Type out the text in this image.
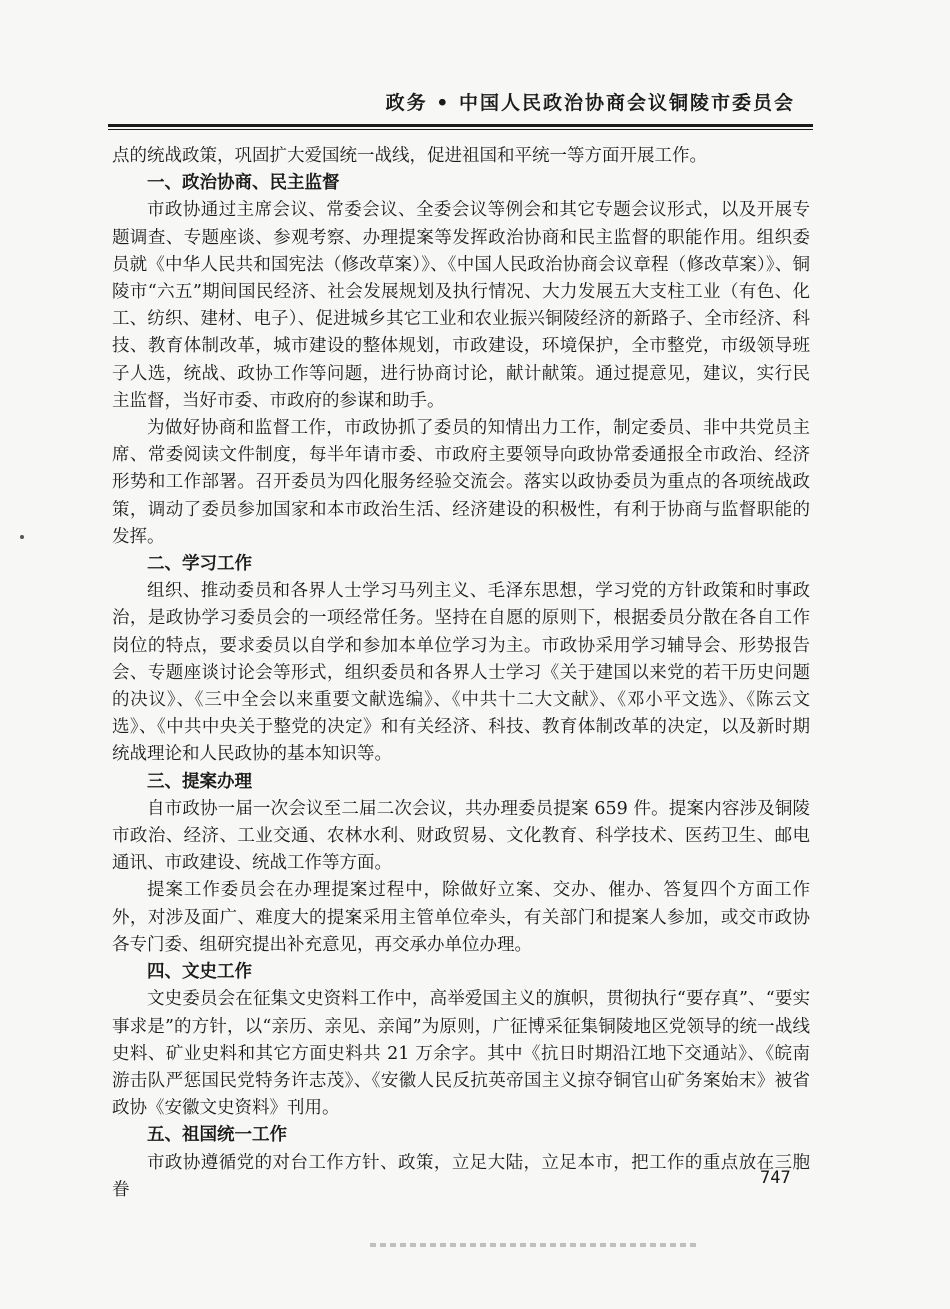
政务 • 中国人民政治协商会议铜陵市委员会

点的统战政策，巩固扩大爱国统一战线，促进祖国和平统一等方面开展工作。

一、政治协商、民主监督

市政协通过主席会议、常委会议、全委会议等例会和其它专题会议形式，以及开展专题调查、专题座谈、参观考察、办理提案等发挥政治协商和民主监督的职能作用。组织委员就《中华人民共和国宪法（修改草案）》、《中国人民政治协商会议章程（修改草案）》、铜陵市“六五”期间国民经济、社会发展规划及执行情况、大力发展五大支柱工业（有色、化工、纺织、建材、电子）、促进城乡其它工业和农业振兴铜陵经济的新路子、全市经济、科技、教育体制改革，城市建设的整体规划，市政建设，环境保护，全市整党，市级领导班子人选，统战、政协工作等问题，进行协商讨论，献计献策。通过提意见，建议，实行民主监督，当好市委、市政府的参谋和助手。

为做好协商和监督工作，市政协抓了委员的知情出力工作，制定委员、非中共党员主席、常委阅读文件制度，每半年请市委、市政府主要领导向政协常委通报全市政治、经济形势和工作部署。召开委员为四化服务经验交流会。落实以政协委员为重点的各项统战政策，调动了委员参加国家和本市政治生活、经济建设的积极性，有利于协商与监督职能的发挥。

二、学习工作

组织、推动委员和各界人士学习马列主义、毛泽东思想，学习党的方针政策和时事政治，是政协学习委员会的一项经常任务。坚持在自愿的原则下，根据委员分散在各自工作岗位的特点，要求委员以自学和参加本单位学习为主。市政协采用学习辅导会、形势报告会、专题座谈讨论会等形式，组织委员和各界人士学习《关于建国以来党的若干历史问题的决议》、《三中全会以来重要文献选编》、《中共十二大文献》、《邓小平文选》、《陈云文选》、《中共中央关于整党的决定》和有关经济、科技、教育体制改革的决定，以及新时期统战理论和人民政协的基本知识等。

三、提案办理

自市政协一届一次会议至二届二次会议，共办理委员提案 659 件。提案内容涉及铜陵市政治、经济、工业交通、农林水利、财政贸易、文化教育、科学技术、医药卫生、邮电通讯、市政建设、统战工作等方面。

提案工作委员会在办理提案过程中，除做好立案、交办、催办、答复四个方面工作外，对涉及面广、难度大的提案采用主管单位牵头，有关部门和提案人参加，或交市政协各专门委、组研究提出补充意见，再交承办单位办理。

四、文史工作

文史委员会在征集文史资料工作中，高举爱国主义的旗帜，贯彻执行“要存真”、“要实事求是”的方针，以“亲历、亲见、亲闻”为原则，广征博采征集铜陵地区党领导的统一战线史料、矿业史料和其它方面史料共 21 万余字。其中《抗日时期沿江地下交通站》、《皖南游击队严惩国民党特务许志茂》、《安徽人民反抗英帝国主义掠夺铜官山矿务案始末》被省政协《安徽文史资料》刊用。

五、祖国统一工作

市政协遵循党的对台工作方针、政策，立足大陆，立足本市，把工作的重点放在三胞眷

747
